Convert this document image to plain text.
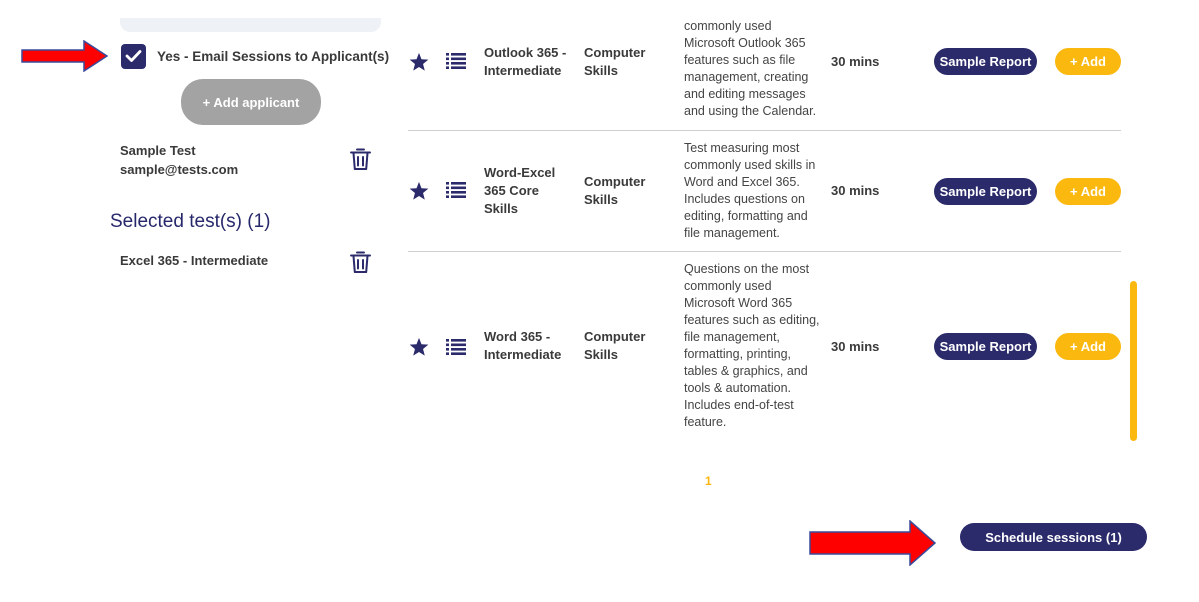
Yes - Email Sessions to Applicant(s)
+ Add applicant
Sample Test
sample@tests.com
Selected test(s) (1)
Excel 365 - Intermediate
Outlook 365 - Intermediate
Computer Skills
commonly used Microsoft Outlook 365 features such as file management, creating and editing messages and using the Calendar.
30 mins	Sample Report	+ Add
Word-Excel 365 Core Skills
Computer Skills
Test measuring most commonly used skills in Word and Excel 365. Includes questions on editing, formatting and file management.
30 mins	Sample Report	+ Add
Word 365 - Intermediate
Computer Skills
Questions on the most commonly used Microsoft Word 365 features such as editing, file management, formatting, printing, tables & graphics, and tools & automation. Includes end-of-test feature.
30 mins	Sample Report	+ Add
1
Schedule sessions (1)
